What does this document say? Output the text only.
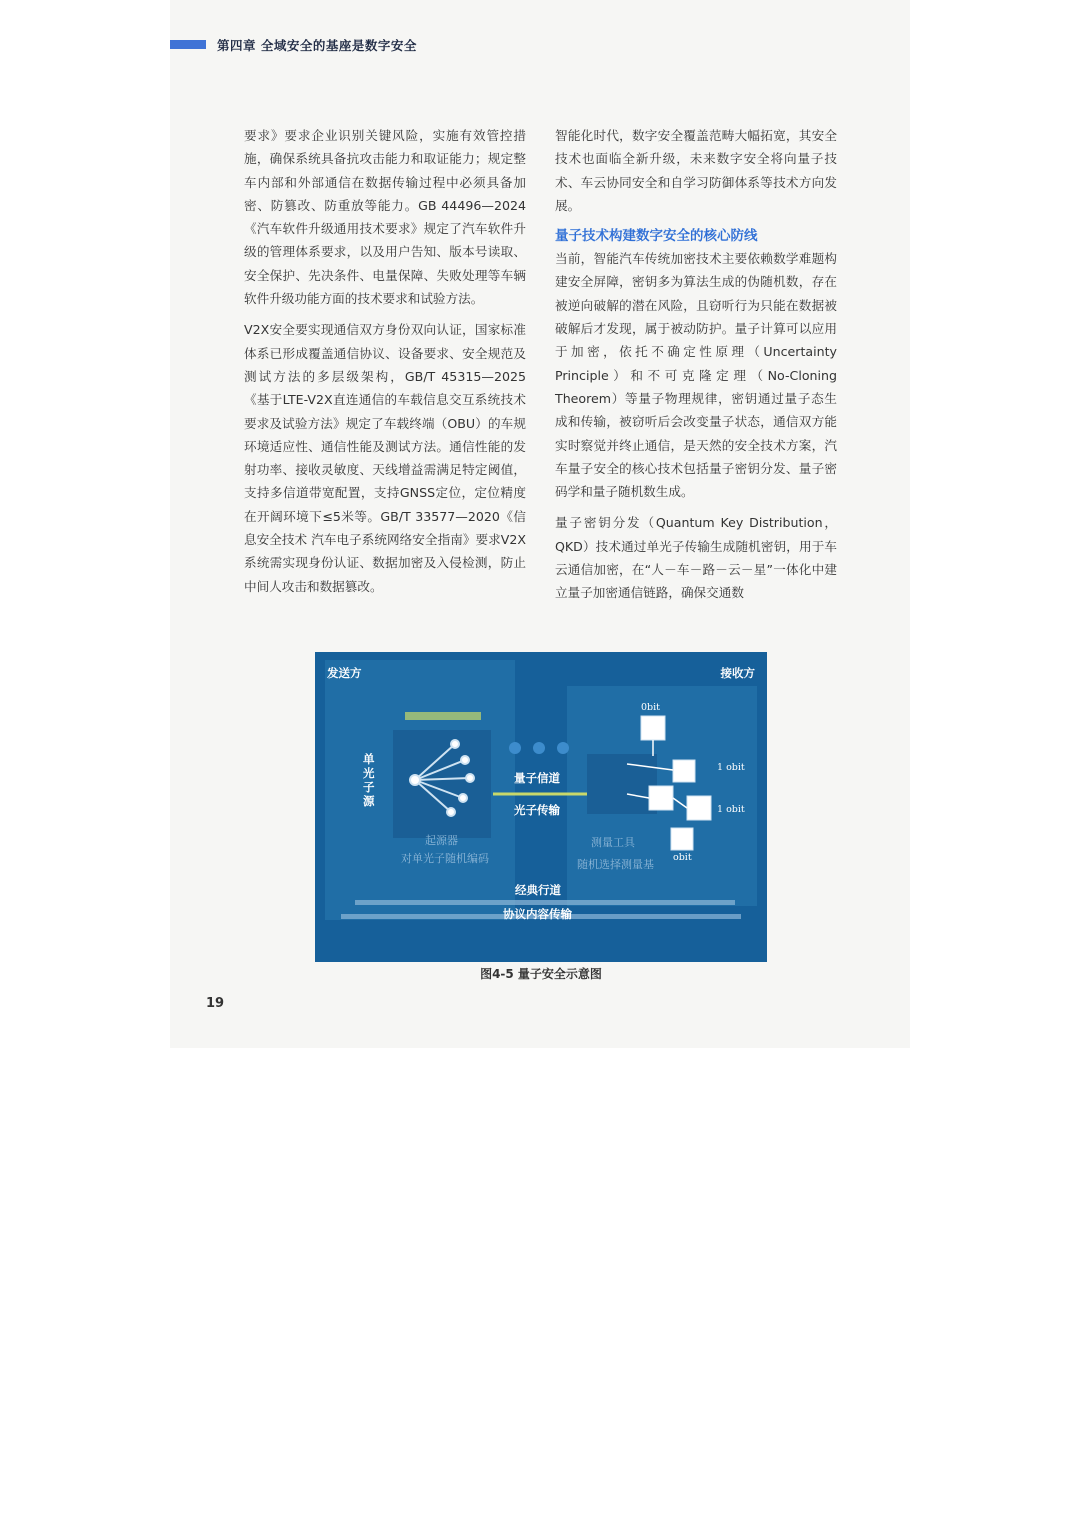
第四章 全域安全的基座是数字安全

要求》要求企业识别关键风险，实施有效管控措施，确保系统具备抗攻击能力和取证能力；规定整车内部和外部通信在数据传输过程中必须具备加密、防篡改、防重放等能力。GB 44496—2024《汽车软件升级通用技术要求》规定了汽车软件升级的管理体系要求，以及用户告知、版本号读取、安全保护、先决条件、电量保障、失败处理等车辆软件升级功能方面的技术要求和试验方法。

V2X安全要实现通信双方身份双向认证，国家标准体系已形成覆盖通信协议、设备要求、安全规范及测试方法的多层级架构，GB/T 45315—2025《基于LTE-V2X直连通信的车载信息交互系统技术要求及试验方法》规定了车载终端（OBU）的车规环境适应性、通信性能及测试方法。通信性能的发射功率、接收灵敏度、天线增益需满足特定阈值，支持多信道带宽配置，支持GNSS定位，定位精度在开阔环境下≤5米等。GB/T 33577—2020《信息安全技术 汽车电子系统网络安全指南》要求V2X系统需实现身份认证、数据加密及入侵检测，防止中间人攻击和数据篡改。

智能化时代，数字安全覆盖范畴大幅拓宽，其安全技术也面临全新升级，未来数字安全将向量子技术、车云协同安全和自学习防御体系等技术方向发展。

量子技术构建数字安全的核心防线

当前，智能汽车传统加密技术主要依赖数学难题构建安全屏障，密钥多为算法生成的伪随机数，存在被逆向破解的潜在风险，且窃听行为只能在数据被破解后才发现，属于被动防护。量子计算可以应用于加密，依托不确定性原理（Uncertainty Principle）和不可克隆定理（No-Cloning Theorem）等量子物理规律，密钥通过量子态生成和传输，被窃听后会改变量子状态，通信双方能实时察觉并终止通信，是天然的安全技术方案，汽车量子安全的核心技术包括量子密钥分发、量子密码学和量子随机数生成。

量子密钥分发（Quantum Key Distribution，QKD）技术通过单光子传输生成随机密钥，用于车云通信加密，在“人－车－路－云－星”一体化中建立量子加密通信链路，确保交通数

发送方	接收方
单光子源
量子信道
光子传输
经典行道
协议内容传输
起源器
对单光子随机编码
测量工具
随机选择测量基
0bit
1 obit
1 obit
obit
图4-5 量子安全示意图
19
